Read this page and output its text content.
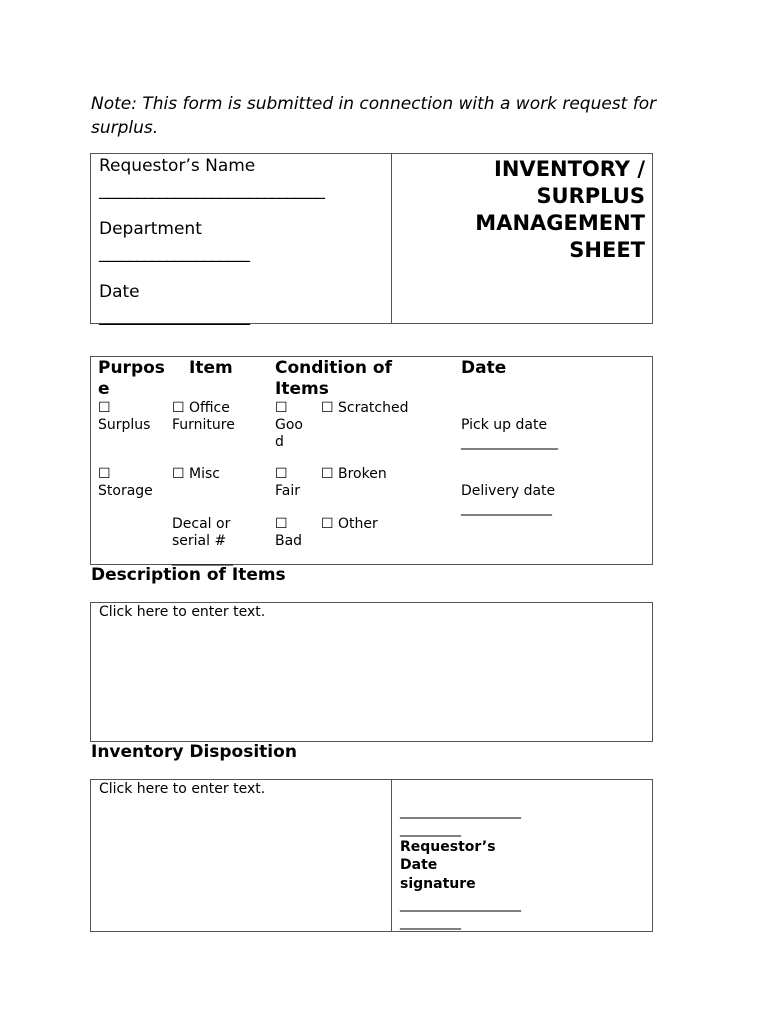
Note: This form is submitted in connection with a work request for surplus.
Requestor’s Name
______________________________
Department
____________________
Date
____________________
INVENTORY /
SURPLUS
MANAGEMENT
SHEET
Purpos
e
Item Condition of
Items
Date
☐
Surplus
☐
Storage
☐ Office
Furniture
☐ Misc
Decal or
serial #
__________
☐
Goo
d
☐
Fair
☐
Bad
☐ Scratched
☐ Broken
☐ Other
Pick up date
________________
Delivery date
_______________
Description of Items
Click here to enter text.
Inventory Disposition
Click here to enter text.
____________________
__________
Requestor’s
Date
signature
____________________
__________
